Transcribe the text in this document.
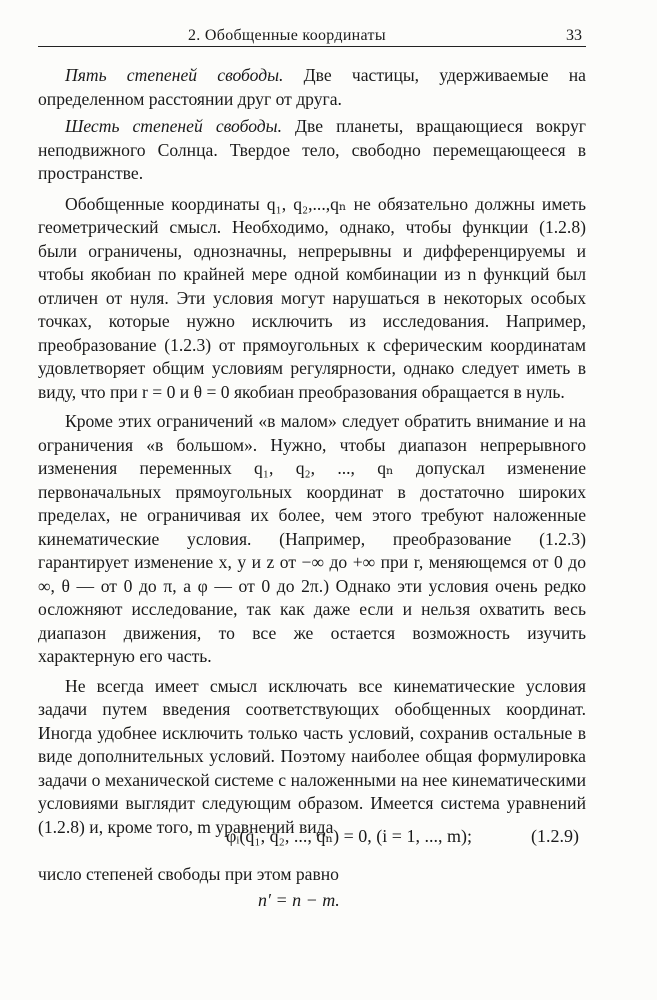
2. Обобщенные координаты	33

Пять степеней свободы. Две частицы, удерживаемые на определенном расстоянии друг от друга.

Шесть степеней свободы. Две планеты, вращающиеся вокруг неподвижного Солнца. Твердое тело, свободно перемещающееся в пространстве.

Обобщенные координаты q₁, q₂,...,qₙ не обязательно должны иметь геометрический смысл. Необходимо, однако, чтобы функции (1.2.8) были ограничены, однозначны, непрерывны и дифференцируемы и чтобы якобиан по крайней мере одной комбинации из n функций был отличен от нуля. Эти условия могут нарушаться в некоторых особых точках, которые нужно исключить из исследования. Например, преобразование (1.2.3) от прямоугольных к сферическим координатам удовлетворяет общим условиям регулярности, однако следует иметь в виду, что при r = 0 и θ = 0 якобиан преобразования обращается в нуль.

Кроме этих ограничений «в малом» следует обратить внимание и на ограничения «в большом». Нужно, чтобы диапазон непрерывного изменения переменных q₁, q₂, ..., qₙ допускал изменение первоначальных прямоугольных координат в достаточно широких пределах, не ограничивая их более, чем этого требуют наложенные кинематические условия. (Например, преобразование (1.2.3) гарантирует изменение x, y и z от −∞ до +∞ при r, меняющемся от 0 до ∞, θ — от 0 до π, а φ — от 0 до 2π.) Однако эти условия очень редко осложняют исследование, так как даже если и нельзя охватить весь диапазон движения, то все же остается возможность изучить характерную его часть.

Не всегда имеет смысл исключать все кинематические условия задачи путем введения соответствующих обобщенных координат. Иногда удобнее исключить только часть условий, сохранив остальные в виде дополнительных условий. Поэтому наиболее общая формулировка задачи о механической системе с наложенными на нее кинематическими условиями выглядит следующим образом. Имеется система уравнений (1.2.8) и, кроме того, m уравнений вида

φᵢ(q₁, q₂, ..., qₙ) = 0, (i = 1, ..., m);	(1.2.9)
число степеней свободы при этом равно
n′ = n − m.
